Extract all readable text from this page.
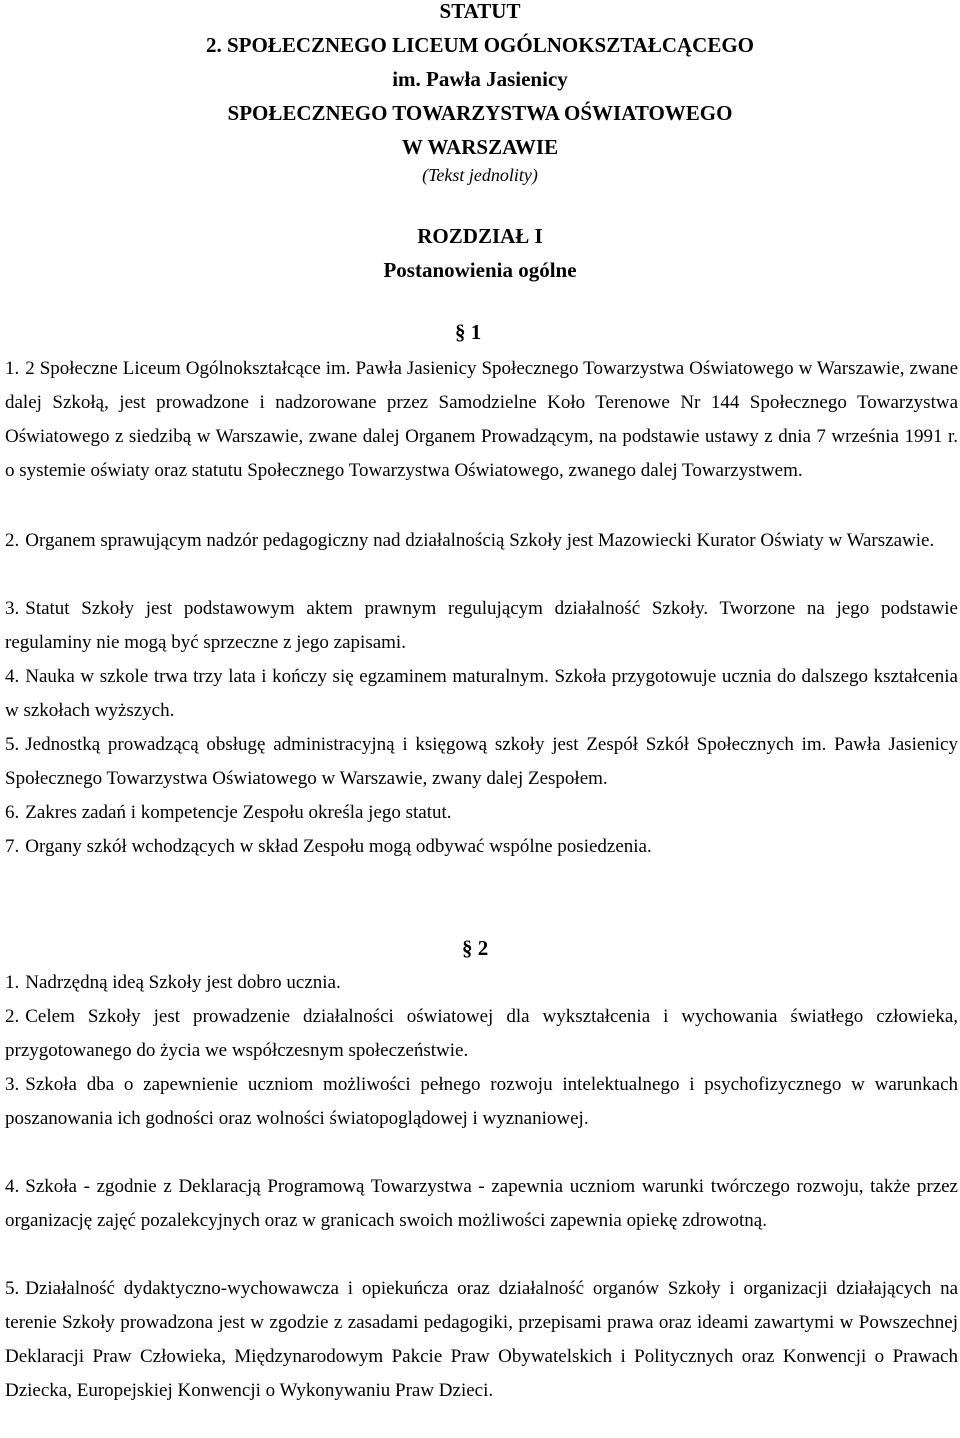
STATUT
2. SPOŁECZNEGO LICEUM OGÓLNOKSZTAŁCĄCEGO
im. Pawła Jasienicy
SPOŁECZNEGO TOWARZYSTWA OŚWIATOWEGO
W WARSZAWIE
(Tekst jednolity)
ROZDZIAŁ I
Postanowienia ogólne
§ 1
1. 2 Społeczne Liceum Ogólnokształcące im. Pawła Jasienicy Społecznego Towarzystwa Oświatowego w Warszawie, zwane dalej Szkołą, jest prowadzone i nadzorowane przez Samodzielne Koło Terenowe Nr 144 Społecznego Towarzystwa Oświatowego z siedzibą w Warszawie, zwane dalej Organem Prowadzącym, na podstawie ustawy z dnia 7 września 1991 r. o systemie oświaty oraz statutu Społecznego Towarzystwa Oświatowego, zwanego dalej Towarzystwem.
2. Organem sprawującym nadzór pedagogiczny nad działalnością Szkoły jest Mazowiecki Kurator Oświaty w Warszawie.
3. Statut Szkoły jest podstawowym aktem prawnym regulującym działalność Szkoły. Tworzone na jego podstawie regulaminy nie mogą być sprzeczne z jego zapisami.
4. Nauka w szkole trwa trzy lata i kończy się egzaminem maturalnym. Szkoła przygotowuje ucznia do dalszego kształcenia w szkołach wyższych.
5. Jednostką prowadzącą obsługę administracyjną i księgową szkoły jest Zespół Szkół Społecznych im. Pawła Jasienicy Społecznego Towarzystwa Oświatowego w Warszawie, zwany dalej Zespołem.
6. Zakres zadań i kompetencje Zespołu określa jego statut.
7. Organy szkół wchodzących w skład Zespołu mogą odbywać wspólne posiedzenia.
§ 2
1. Nadrzędną ideą Szkoły jest dobro ucznia.
2. Celem Szkoły jest prowadzenie działalności oświatowej dla wykształcenia i wychowania światłego człowieka, przygotowanego do życia we współczesnym społeczeństwie.
3. Szkoła dba o zapewnienie uczniom możliwości pełnego rozwoju intelektualnego i psychofizycznego w warunkach poszanowania ich godności oraz wolności światopoglądowej i wyznaniowej.
4. Szkoła - zgodnie z Deklaracją Programową Towarzystwa - zapewnia uczniom warunki twórczego rozwoju, także przez organizację zajęć pozalekcyjnych oraz w granicach swoich możliwości zapewnia opiekę zdrowotną.
5. Działalność dydaktyczno-wychowawcza i opiekuńcza oraz działalność organów Szkoły i organizacji działających na terenie Szkoły prowadzona jest w zgodzie z zasadami pedagogiki, przepisami prawa oraz ideami zawartymi w Powszechnej Deklaracji Praw Człowieka, Międzynarodowym Pakcie Praw Obywatelskich i Politycznych oraz Konwencji o Prawach Dziecka, Europejskiej Konwencji o Wykonywaniu Praw Dzieci.
